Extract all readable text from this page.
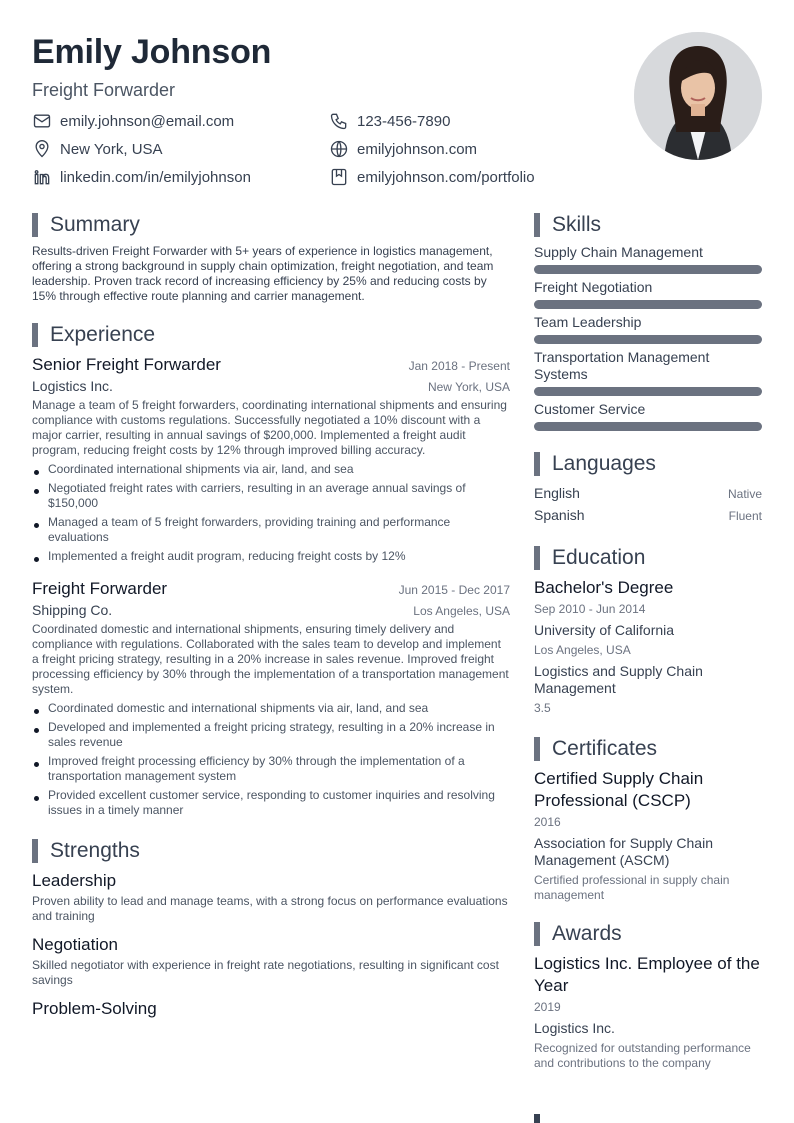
Emily Johnson
Freight Forwarder
emily.johnson@email.com	123-456-7890
New York, USA	emilyjohnson.com
linkedin.com/in/emilyjohnson	emilyjohnson.com/portfolio
Summary
Results-driven Freight Forwarder with 5+ years of experience in logistics management, offering a strong background in supply chain optimization, freight negotiation, and team leadership. Proven track record of increasing efficiency by 25% and reducing costs by 15% through effective route planning and carrier management.
Experience
Senior Freight Forwarder	Jan 2018 - Present
Logistics Inc.	New York, USA
Manage a team of 5 freight forwarders, coordinating international shipments and ensuring compliance with customs regulations. Successfully negotiated a 10% discount with a major carrier, resulting in annual savings of $200,000. Implemented a freight audit program, reducing freight costs by 12% through improved billing accuracy.
Coordinated international shipments via air, land, and sea
Negotiated freight rates with carriers, resulting in an average annual savings of $150,000
Managed a team of 5 freight forwarders, providing training and performance evaluations
Implemented a freight audit program, reducing freight costs by 12%
Freight Forwarder	Jun 2015 - Dec 2017
Shipping Co.	Los Angeles, USA
Coordinated domestic and international shipments, ensuring timely delivery and compliance with regulations. Collaborated with the sales team to develop and implement a freight pricing strategy, resulting in a 20% increase in sales revenue. Improved freight processing efficiency by 30% through the implementation of a transportation management system.
Coordinated domestic and international shipments via air, land, and sea
Developed and implemented a freight pricing strategy, resulting in a 20% increase in sales revenue
Improved freight processing efficiency by 30% through the implementation of a transportation management system
Provided excellent customer service, responding to customer inquiries and resolving issues in a timely manner
Strengths
Leadership
Proven ability to lead and manage teams, with a strong focus on performance evaluations and training
Negotiation
Skilled negotiator with experience in freight rate negotiations, resulting in significant cost savings
Problem-Solving
Skills
Supply Chain Management
Freight Negotiation
Team Leadership
Transportation Management Systems
Customer Service
Languages
English	Native
Spanish	Fluent
Education
Bachelor's Degree
Sep 2010 - Jun 2014
University of California
Los Angeles, USA
Logistics and Supply Chain Management
3.5
Certificates
Certified Supply Chain Professional (CSCP)
2016
Association for Supply Chain Management (ASCM)
Certified professional in supply chain management
Awards
Logistics Inc. Employee of the Year
2019
Logistics Inc.
Recognized for outstanding performance and contributions to the company
